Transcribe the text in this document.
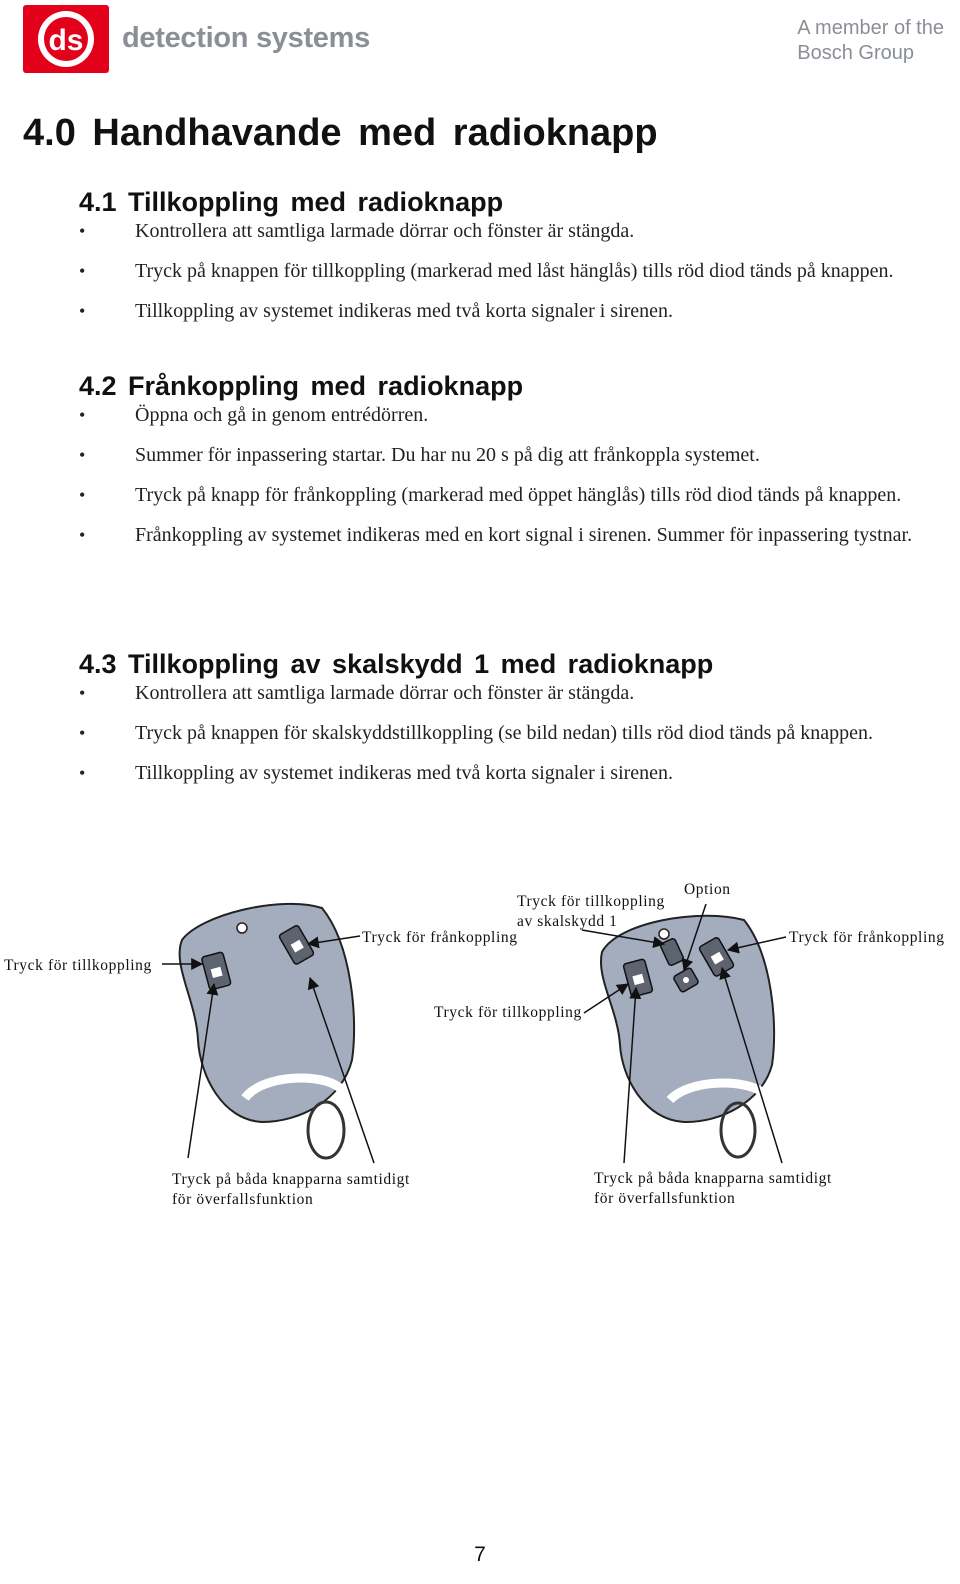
ds detection systems	A member of the
Bosch Group
4.0 Handhavande med radioknapp
4.1 Tillkoppling med radioknapp
• Kontrollera att samtliga larmade dörrar och fönster är stängda.
• Tryck på knappen för tillkoppling (markerad med låst hänglås) tills röd diod tänds på knappen.
• Tillkoppling av systemet indikeras med två korta signaler i sirenen.
4.2 Frånkoppling med radioknapp
• Öppna och gå in genom entrédörren.
• Summer för inpassering startar. Du har nu 20 s på dig att frånkoppla systemet.
• Tryck på knapp för frånkoppling (markerad med öppet hänglås) tills röd diod tänds på knappen.
• Frånkoppling av systemet indikeras med en kort signal i sirenen. Summer för inpassering tystnar.
4.3 Tillkoppling av skalskydd 1 med radioknapp
• Kontrollera att samtliga larmade dörrar och fönster är stängda.
• Tryck på knappen för skalskyddstillkoppling (se bild nedan) tills röd diod tänds på knappen.
• Tillkoppling av systemet indikeras med två korta signaler i sirenen.
Tryck för tillkoppling
Tryck för frånkoppling
Tryck på båda knapparna samtidigt
för överfallsfunktion
Option
Tryck för tillkoppling
av skalskydd 1
Tryck för frånkoppling
Tryck för tillkoppling
Tryck på båda knapparna samtidigt
för överfallsfunktion
7
